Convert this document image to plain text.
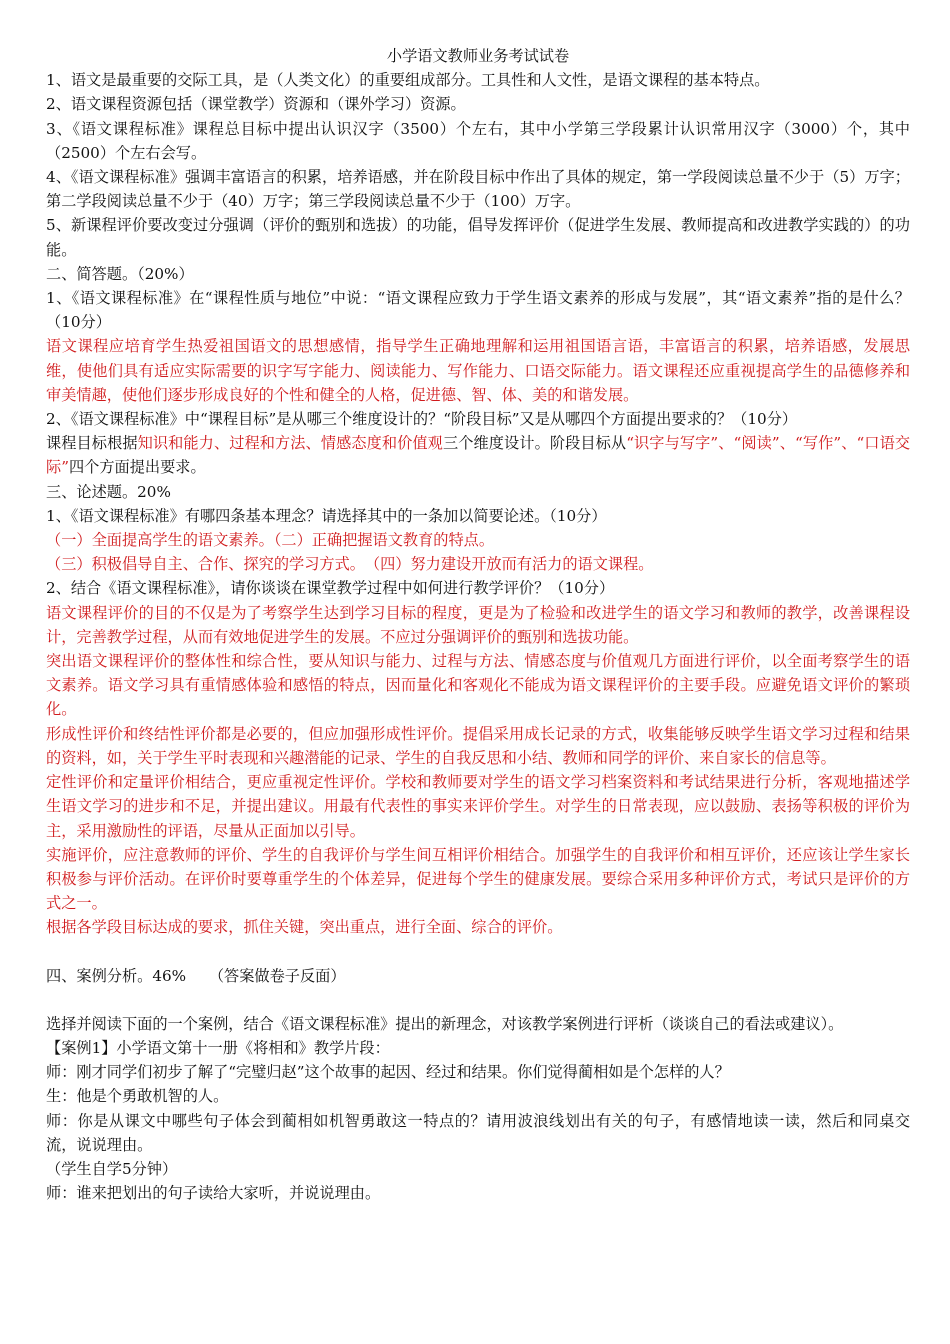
小学语文教师业务考试试卷

1、语文是最重要的交际工具，是（人类文化）的重要组成部分。工具性和人文性，是语文课程的基本特点。

2、语文课程资源包括（课堂教学）资源和（课外学习）资源。

3、《语文课程标准》课程总目标中提出认识汉字（3500）个左右，其中小学第三学段累计认识常用汉字（3000）个，其中（2500）个左右会写。

4、《语文课程标准》强调丰富语言的积累，培养语感，并在阶段目标中作出了具体的规定，第一学段阅读总量不少于（5）万字；第二学段阅读总量不少于（40）万字；第三学段阅读总量不少于（100）万字。

5、新课程评价要改变过分强调（评价的甄别和选拔）的功能，倡导发挥评价（促进学生发展、教师提高和改进教学实践的）的功能。

二、简答题。（20%）

1、《语文课程标准》在“课程性质与地位”中说：“语文课程应致力于学生语文素养的形成与发展”，其“语文素养”指的是什么？（10分）

语文课程应培育学生热爱祖国语文的思想感情，指导学生正确地理解和运用祖国语言语，丰富语言的积累，培养语感，发展思维，使他们具有适应实际需要的识字写字能力、阅读能力、写作能力、口语交际能力。语文课程还应重视提高学生的品德修养和审美情趣，使他们逐步形成良好的个性和健全的人格，促进德、智、体、美的和谐发展。

2、《语文课程标准》中“课程目标”是从哪三个维度设计的？“阶段目标”又是从哪四个方面提出要求的？（10分）

课程目标根据知识和能力、过程和方法、情感态度和价值观三个维度设计。阶段目标从“识字与写字”、“阅读”、“写作”、“口语交际”四个方面提出要求。

三、论述题。20%

1、《语文课程标准》有哪四条基本理念？请选择其中的一条加以简要论述。（10分）

（一）全面提高学生的语文素养。（二）正确把握语文教育的特点。

（三）积极倡导自主、合作、探究的学习方式。　（四）努力建设开放而有活力的语文课程。

2、结合《语文课程标准》，请你谈谈在课堂教学过程中如何进行教学评价？（10分）

语文课程评价的目的不仅是为了考察学生达到学习目标的程度，更是为了检验和改进学生的语文学习和教师的教学，改善课程设计，完善教学过程，从而有效地促进学生的发展。不应过分强调评价的甄别和选拔功能。

突出语文课程评价的整体性和综合性，要从知识与能力、过程与方法、情感态度与价值观几方面进行评价，以全面考察学生的语文素养。语文学习具有重情感体验和感悟的特点，因而量化和客观化不能成为语文课程评价的主要手段。应避免语文评价的繁琐化。

形成性评价和终结性评价都是必要的，但应加强形成性评价。提倡采用成长记录的方式，收集能够反映学生语文学习过程和结果的资料，如，关于学生平时表现和兴趣潜能的记录、学生的自我反思和小结、教师和同学的评价、来自家长的信息等。

定性评价和定量评价相结合，更应重视定性评价。学校和教师要对学生的语文学习档案资料和考试结果进行分析，客观地描述学生语文学习的进步和不足，并提出建议。用最有代表性的事实来评价学生。对学生的日常表现，应以鼓励、表扬等积极的评价为主，采用激励性的评语，尽量从正面加以引导。

实施评价，应注意教师的评价、学生的自我评价与学生间互相评价相结合。加强学生的自我评价和相互评价，还应该让学生家长积极参与评价活动。在评价时要尊重学生的个体差异，促进每个学生的健康发展。要综合采用多种评价方式，考试只是评价的方式之一。

根据各学段目标达成的要求，抓住关键，突出重点，进行全面、综合的评价。

四、案例分析。46%　　（答案做卷子反面）

选择并阅读下面的一个案例，结合《语文课程标准》提出的新理念，对该教学案例进行评析（谈谈自己的看法或建议）。

【案例1】小学语文第十一册《将相和》教学片段：

师：刚才同学们初步了解了“完璧归赵”这个故事的起因、经过和结果。你们觉得蔺相如是个怎样的人？

生：他是个勇敢机智的人。

师：你是从课文中哪些句子体会到蔺相如机智勇敢这一特点的？请用波浪线划出有关的句子，有感情地读一读，然后和同桌交流，说说理由。

（学生自学5分钟）

师：谁来把划出的句子读给大家听，并说说理由。
